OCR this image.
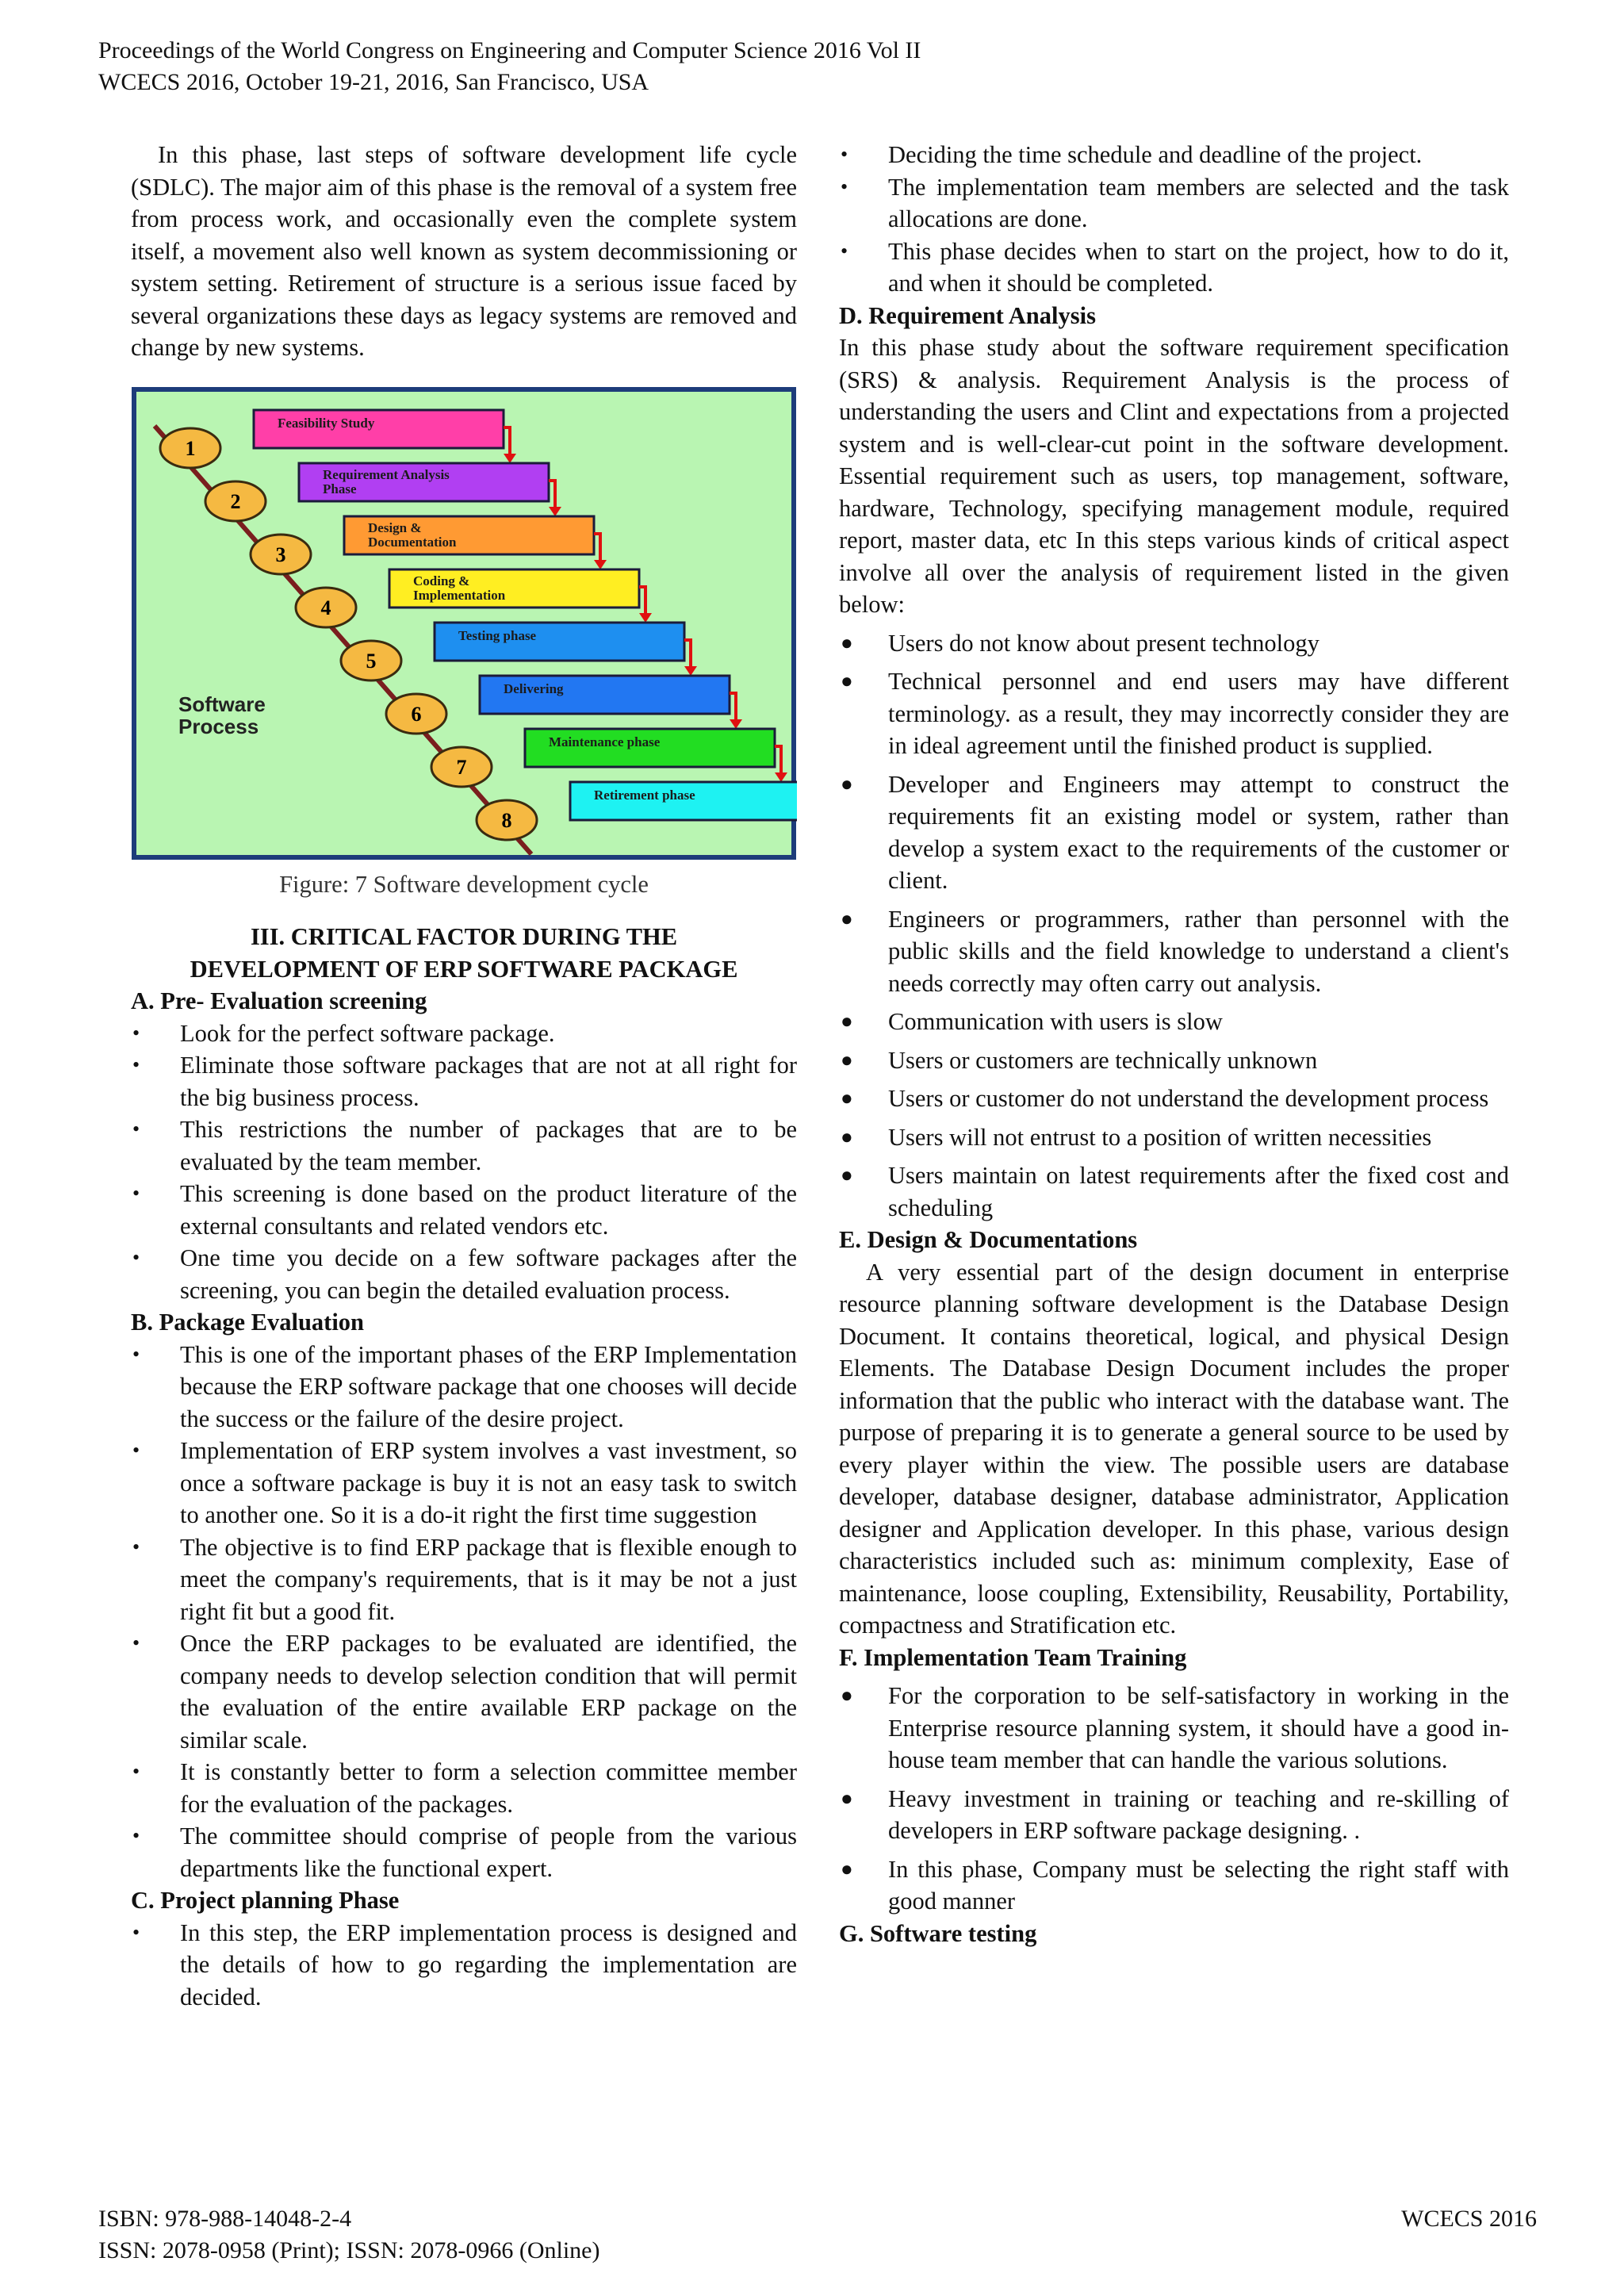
Proceedings of the World Congress on Engineering and Computer Science 2016 Vol II
WCECS 2016, October 19-21, 2016, San Francisco, USA

In this phase, last steps of software development life cycle (SDLC). The major aim of this phase is the removal of a system free from process work, and occasionally even the complete system itself, a movement also well known as system decommissioning or system setting. Retirement of structure is a serious issue faced by several organizations these days as legacy systems are removed and change by new systems.

1
Feasibility Study
2
Requirement Analysis
Phase
3
Design &
Documentation
4
Coding &
Implementation
5
Testing phase
6
Delivering
7
Maintenance phase
8
Retirement phase
Software
Process
Figure: 7 Software development cycle
III. CRITICAL FACTOR DURING THE
DEVELOPMENT OF ERP SOFTWARE PACKAGE
A. Pre- Evaluation screening
• Look for the perfect software package.
• Eliminate those software packages that are not at all right for the big business process.
• This restrictions the number of packages that are to be evaluated by the team member.
• This screening is done based on the product literature of the external consultants and related vendors etc.
• One time you decide on a few software packages after the screening, you can begin the detailed evaluation process.
B. Package Evaluation
• This is one of the important phases of the ERP Implementation because the ERP software package that one chooses will decide the success or the failure of the desire project.
• Implementation of ERP system involves a vast investment, so once a software package is buy it is not an easy task to switch to another one. So it is a do-it right the first time suggestion
• The objective is to find ERP package that is flexible enough to meet the company's requirements, that is it may be not a just right fit but a good fit.
• Once the ERP packages to be evaluated are identified, the company needs to develop selection condition that will permit the evaluation of the entire available ERP package on the similar scale.
• It is constantly better to form a selection committee member for the evaluation of the packages.
• The committee should comprise of people from the various departments like the functional expert.
C. Project planning Phase
• In this step, the ERP implementation process is designed and the details of how to go regarding the implementation are decided.
• Deciding the time schedule and deadline of the project.
• The implementation team members are selected and the task allocations are done.
• This phase decides when to start on the project, how to do it, and when it should be completed.
D. Requirement Analysis

In this phase study about the software requirement specification (SRS) & analysis. Requirement Analysis is the process of understanding the users and Clint and expectations from a projected system and is well-clear-cut point in the software development. Essential requirement such as users, top management, software, hardware, Technology, specifying management module, required report, master data, etc In this steps various kinds of critical aspect involve all over the analysis of requirement listed in the given below:

● Users do not know about present technology
● Technical personnel and end users may have different terminology. as a result, they may incorrectly consider they are in ideal agreement until the finished product is supplied.
● Developer and Engineers may attempt to construct the requirements fit an existing model or system, rather than develop a system exact to the requirements of the customer or client.
● Engineers or programmers, rather than personnel with the public skills and the field knowledge to understand a client's needs correctly may often carry out analysis.
● Communication with users is slow
● Users or customers are technically unknown
● Users or customer do not understand the development process
● Users will not entrust to a position of written necessities
● Users maintain on latest requirements after the fixed cost and scheduling
E. Design & Documentations

A very essential part of the design document in enterprise resource planning software development is the Database Design Document. It contains theoretical, logical, and physical Design Elements. The Database Design Document includes the proper information that the public who interact with the database want. The purpose of preparing it is to generate a general source to be used by every player within the view. The possible users are database developer, database designer, database administrator, Application designer and Application developer. In this phase, various design characteristics included such as: minimum complexity, Ease of maintenance, loose coupling, Extensibility, Reusability, Portability, compactness and Stratification etc.

F. Implementation Team Training
● For the corporation to be self-satisfactory in working in the Enterprise resource planning system, it should have a good in-house team member that can handle the various solutions.
● Heavy investment in training or teaching and re-skilling of developers in ERP software package designing. .
● In this phase, Company must be selecting the right staff with good manner
G. Software testing
ISBN: 978-988-14048-2-4
ISSN: 2078-0958 (Print); ISSN: 2078-0966 (Online)
WCECS 2016
